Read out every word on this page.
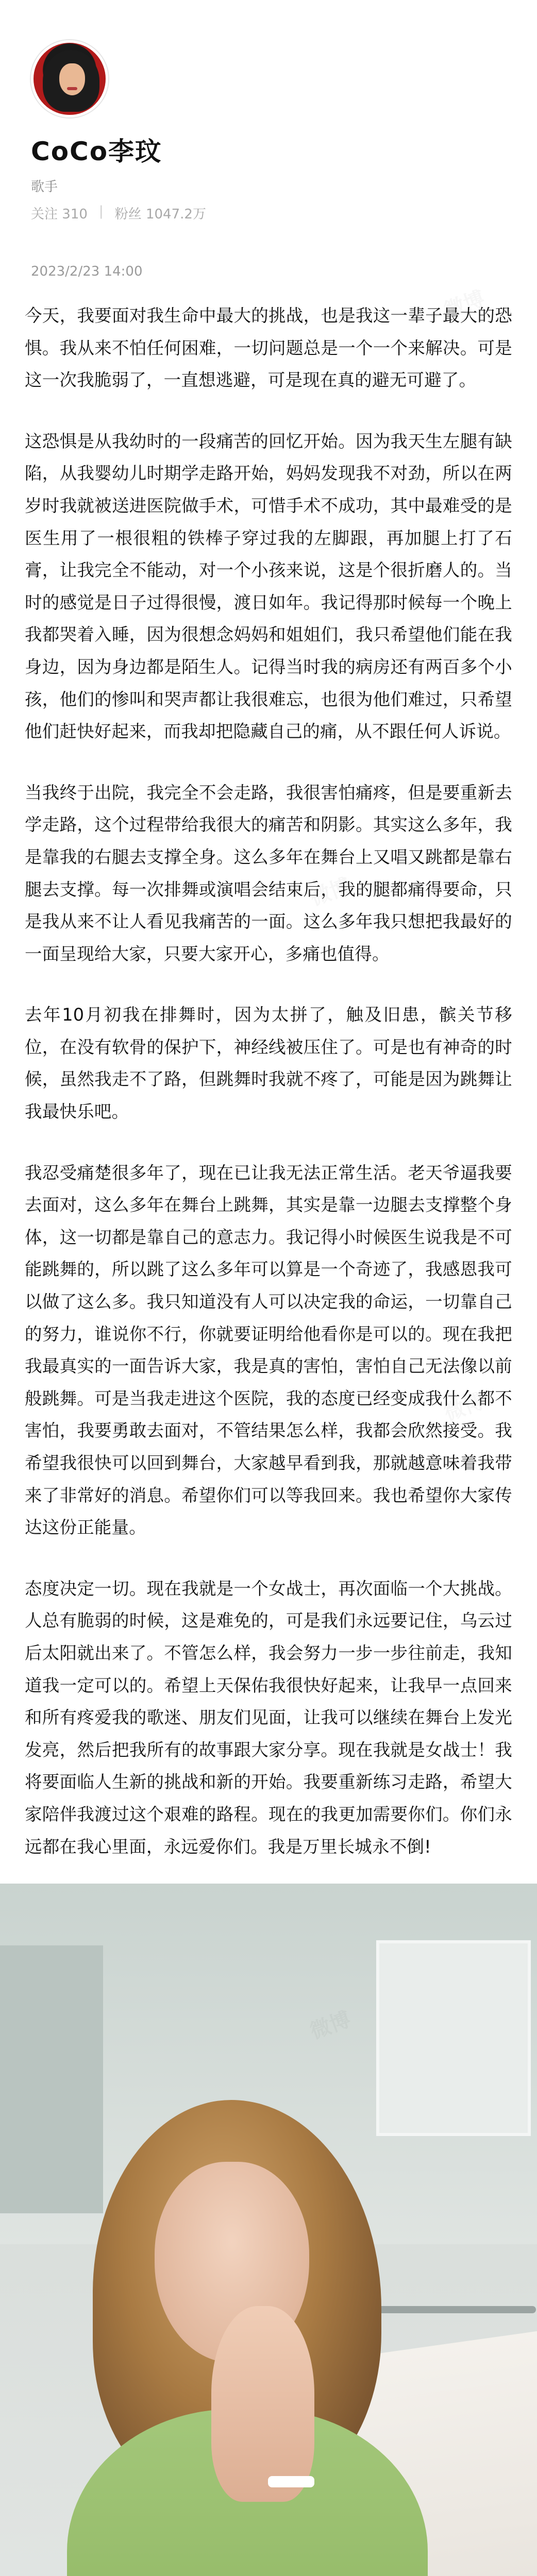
CoCo李玟
歌手
关注 310 | 粉丝 1047.2万
2023/2/23 14:00

今天，我要面对我生命中最大的挑战，也是我这一辈子最大的恐惧。我从来不怕任何困难，一切问题总是一个一个来解决。可是这一次我脆弱了，一直想逃避，可是现在真的避无可避了。

这恐惧是从我幼时的一段痛苦的回忆开始。因为我天生左腿有缺陷，从我婴幼儿时期学走路开始，妈妈发现我不对劲，所以在两岁时我就被送进医院做手术，可惜手术不成功，其中最难受的是医生用了一根很粗的铁棒子穿过我的左脚跟，再加腿上打了石膏，让我完全不能动，对一个小孩来说，这是个很折磨人的。当时的感觉是日子过得很慢，渡日如年。我记得那时候每一个晚上我都哭着入睡，因为很想念妈妈和姐姐们，我只希望他们能在我身边，因为身边都是陌生人。记得当时我的病房还有两百多个小孩，他们的惨叫和哭声都让我很难忘，也很为他们难过，只希望他们赶快好起来，而我却把隐藏自己的痛，从不跟任何人诉说。

当我终于出院，我完全不会走路，我很害怕痛疼，但是要重新去学走路，这个过程带给我很大的痛苦和阴影。其实这么多年，我是靠我的右腿去支撑全身。这么多年在舞台上又唱又跳都是靠右腿去支撑。每一次排舞或演唱会结束后，我的腿都痛得要命，只是我从来不让人看见我痛苦的一面。这么多年我只想把我最好的一面呈现给大家，只要大家开心，多痛也值得。

去年10月初我在排舞时，因为太拼了，触及旧患，髌关节移位，在没有软骨的保护下，神经线被压住了。可是也有神奇的时候，虽然我走不了路，但跳舞时我就不疼了，可能是因为跳舞让我最快乐吧。

我忍受痛楚很多年了，现在已让我无法正常生活。老天爷逼我要去面对，这么多年在舞台上跳舞，其实是靠一边腿去支撑整个身体，这一切都是靠自己的意志力。我记得小时候医生说我是不可能跳舞的，所以跳了这么多年可以算是一个奇迹了，我感恩我可以做了这么多。我只知道没有人可以决定我的命运，一切靠自己的努力，谁说你不行，你就要证明给他看你是可以的。现在我把我最真实的一面告诉大家，我是真的害怕，害怕自己无法像以前般跳舞。可是当我走进这个医院，我的态度已经变成我什么都不害怕，我要勇敢去面对，不管结果怎么样，我都会欣然接受。我希望我很快可以回到舞台，大家越早看到我，那就越意味着我带来了非常好的消息。希望你们可以等我回来。我也希望你大家传达这份正能量。

态度决定一切。现在我就是一个女战士，再次面临一个大挑战。人总有脆弱的时候，这是难免的，可是我们永远要记住，乌云过后太阳就出来了。不管怎么样，我会努力一步一步往前走，我知道我一定可以的。希望上天保佑我很快好起来，让我早一点回来和所有疼爱我的歌迷、朋友们见面，让我可以继续在舞台上发光发亮，然后把我所有的故事跟大家分享。现在我就是女战士！我将要面临人生新的挑战和新的开始。我要重新练习走路，希望大家陪伴我渡过这个艰难的路程。现在的我更加需要你们。你们永远都在我心里面，永远爱你们。我是万里长城永不倒!
